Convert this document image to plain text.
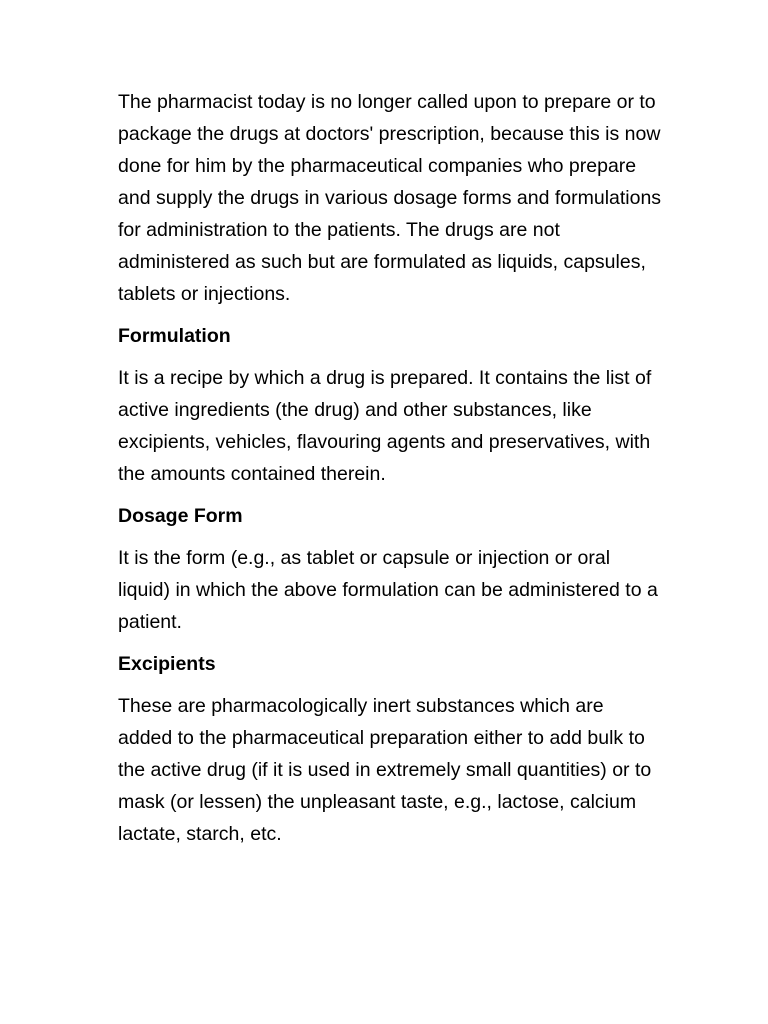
The pharmacist today is no longer called upon to prepare or to package the drugs at doctors' prescription, because this is now done for him by the pharmaceutical companies who prepare and supply the drugs in various dosage forms and formulations for administration to the patients. The drugs are not administered as such but are formulated as liquids, capsules, tablets or injections.

Formulation

It is a recipe by which a drug is prepared. It contains the list of active ingredients (the drug) and other substances, like excipients, vehicles, flavouring agents and preservatives, with the amounts contained therein.

Dosage Form

It is the form (e.g., as tablet or capsule or injection or oral liquid) in which the above formulation can be administered to a patient.

Excipients

These are pharmacologically inert substances which are added to the pharmaceutical preparation either to add bulk to the active drug (if it is used in extremely small quantities) or to mask (or lessen) the unpleasant taste, e.g., lactose, calcium lactate, starch, etc.
